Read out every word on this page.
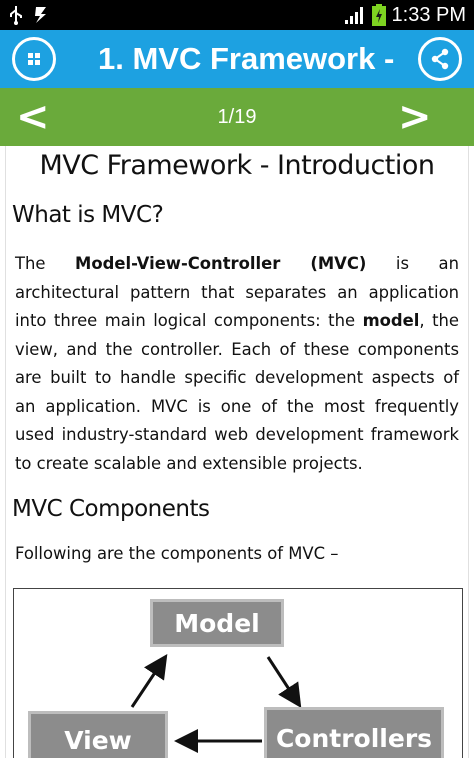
1:33 PM
1. MVC Framework -
1/19
<	>
MVC Framework - Introduction
What is MVC?
The Model-View-Controller (MVC) is an architectural pattern that separates an application into three main logical components: the model, the view, and the controller. Each of these components are built to handle specific development aspects of an application. MVC is one of the most frequently used industry-standard web development framework to create scalable and extensible projects.
MVC Components
Following are the components of MVC –
Model
View	Controllers
